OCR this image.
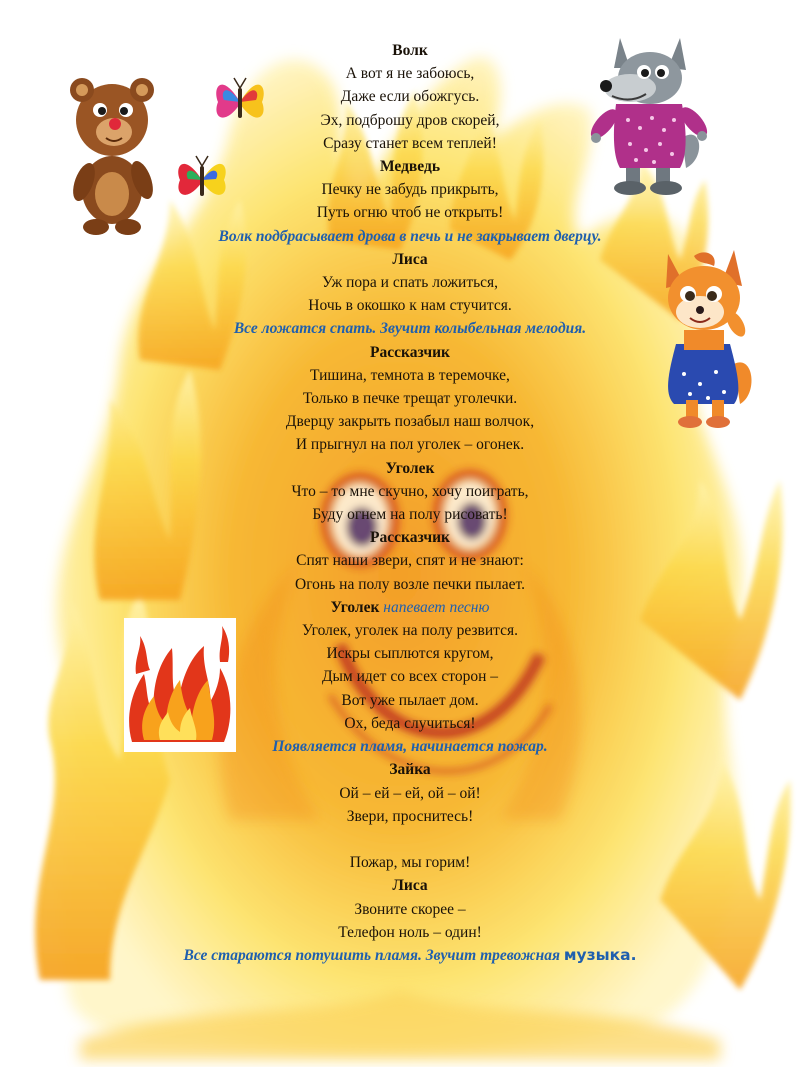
Волк
А вот я не забоюсь,
Даже если обожгусь.
Эх, подброшу дров скорей,
Сразу станет всем теплей!
Медведь
Печку не забудь прикрыть,
Путь огню чтоб не открыть!
Волк подбрасывает дрова в печь и не закрывает дверцу.
Лиса
Уж пора и спать ложиться,
Ночь в окошко к нам стучится.
Все ложатся спать. Звучит колыбельная мелодия.
Рассказчик
Тишина, темнота в теремочке,
Только в печке трещат уголечки.
Дверцу закрыть позабыл наш волчок,
И прыгнул на пол уголек – огонек.
Уголек
Что – то мне скучно, хочу поиграть,
Буду огнем на полу рисовать!
Рассказчик
Спят наши звери, спят и не знают:
Огонь на полу возле печки пылает.
Уголек напевает песню
Уголек, уголек на полу резвится.
Искры сыплются кругом,
Дым идет со всех сторон –
Вот уже пылает дом.
Ох, беда случиться!
Появляется пламя, начинается пожар.
Зайка
Ой – ей – ей, ой – ой!
Звери, проснитесь!
Пожар, мы горим!
Лиса
Звоните скорее –
Телефон ноль – один!
Все стараются потушить пламя. Звучит тревожная музыка.
